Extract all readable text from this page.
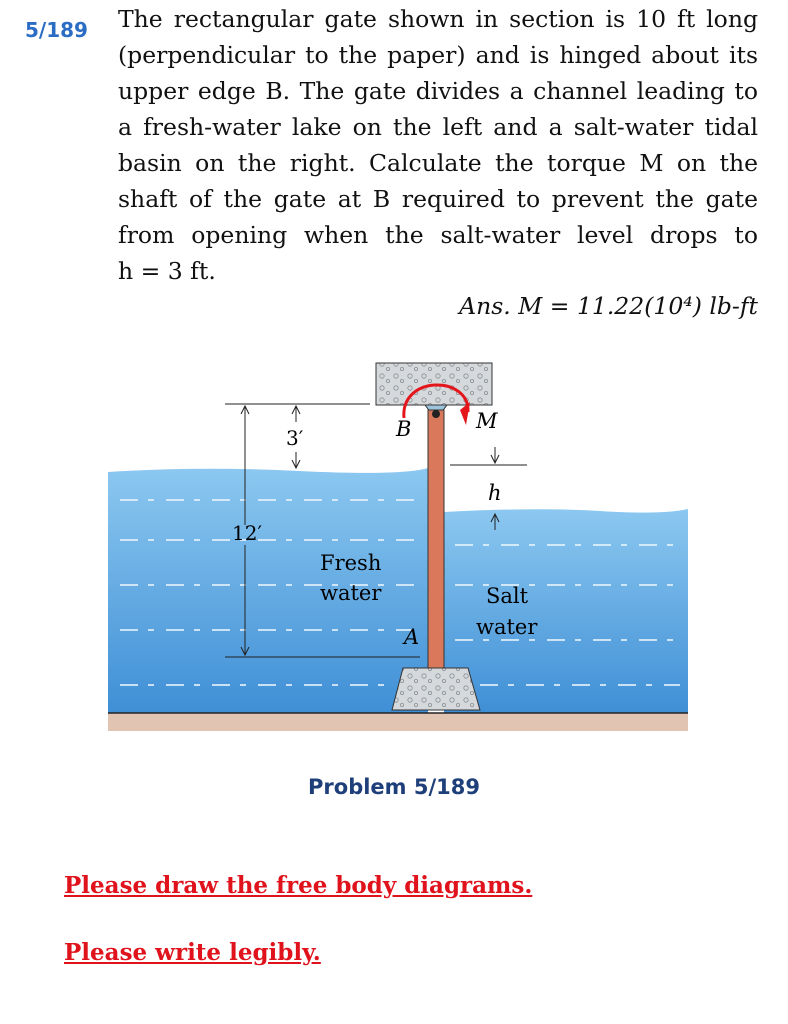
5/189 The rectangular gate shown in section is 10 ft long
(perpendicular to the paper) and is hinged about its
upper edge B. The gate divides a channel leading to
a fresh-water lake on the left and a salt-water tidal
basin on the right. Calculate the torque M on the
shaft of the gate at B required to prevent the gate
from opening when the salt-water level drops to
h = 3 ft.
Ans. M = 11.22(10⁴) lb-ft
12′
3′	B	M
h
A
Fresh
water	Salt
water
Problem 5/189
Please draw the free body diagrams.
Please write legibly.
